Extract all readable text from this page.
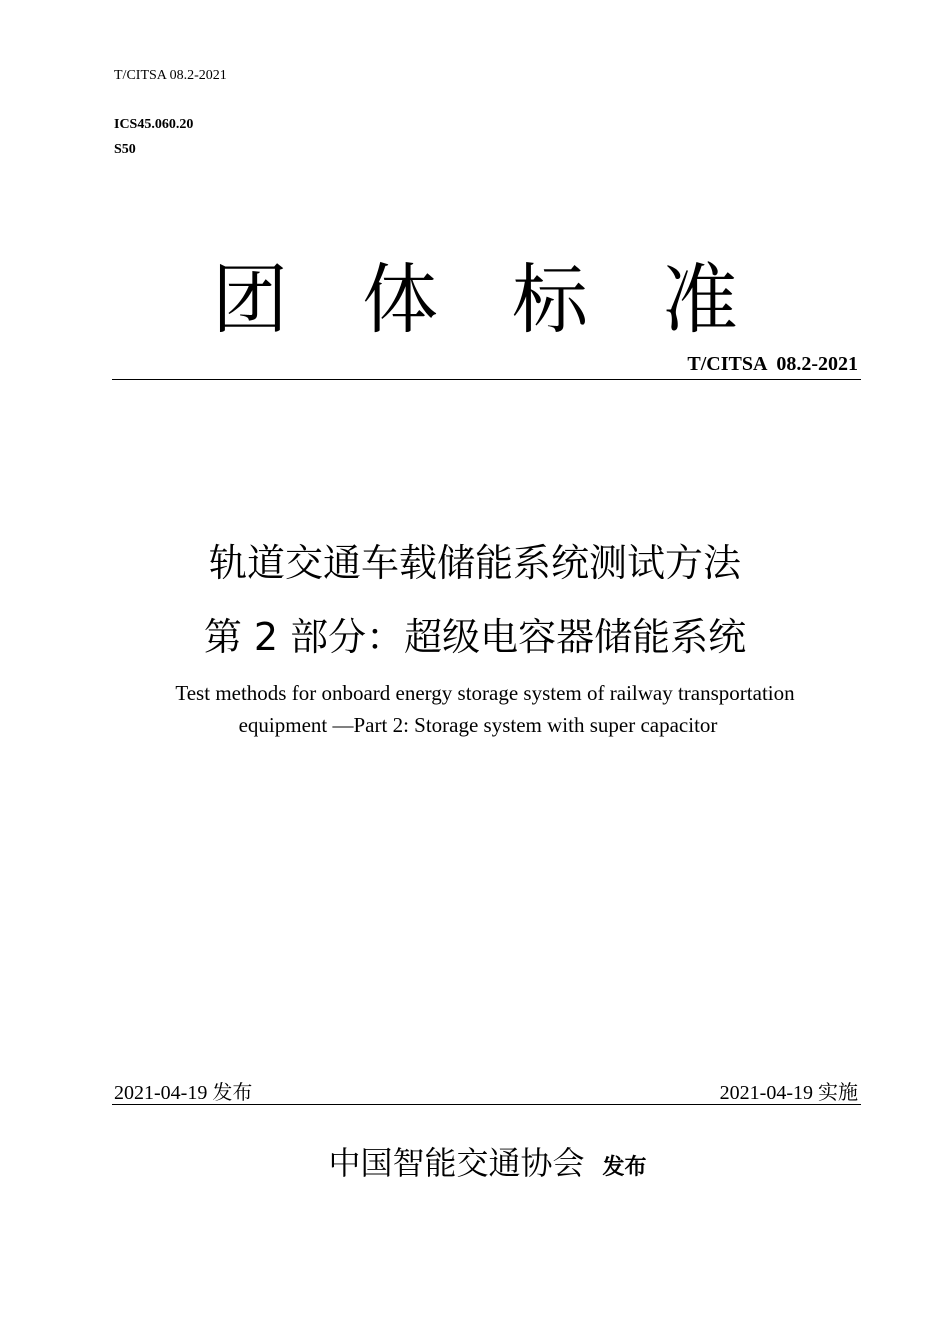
T/CITSA 08.2-2021
ICS45.060.20
S50
团 体 标 准
T/CITSA  08.2-2021
轨道交通车载储能系统测试方法
第 2 部分：超级电容器储能系统
Test methods for onboard energy storage system of railway transportation
equipment —Part 2: Storage system with super capacitor
2021-04-19 发布	2021-04-19 实施
中国智能交通协会 发布
